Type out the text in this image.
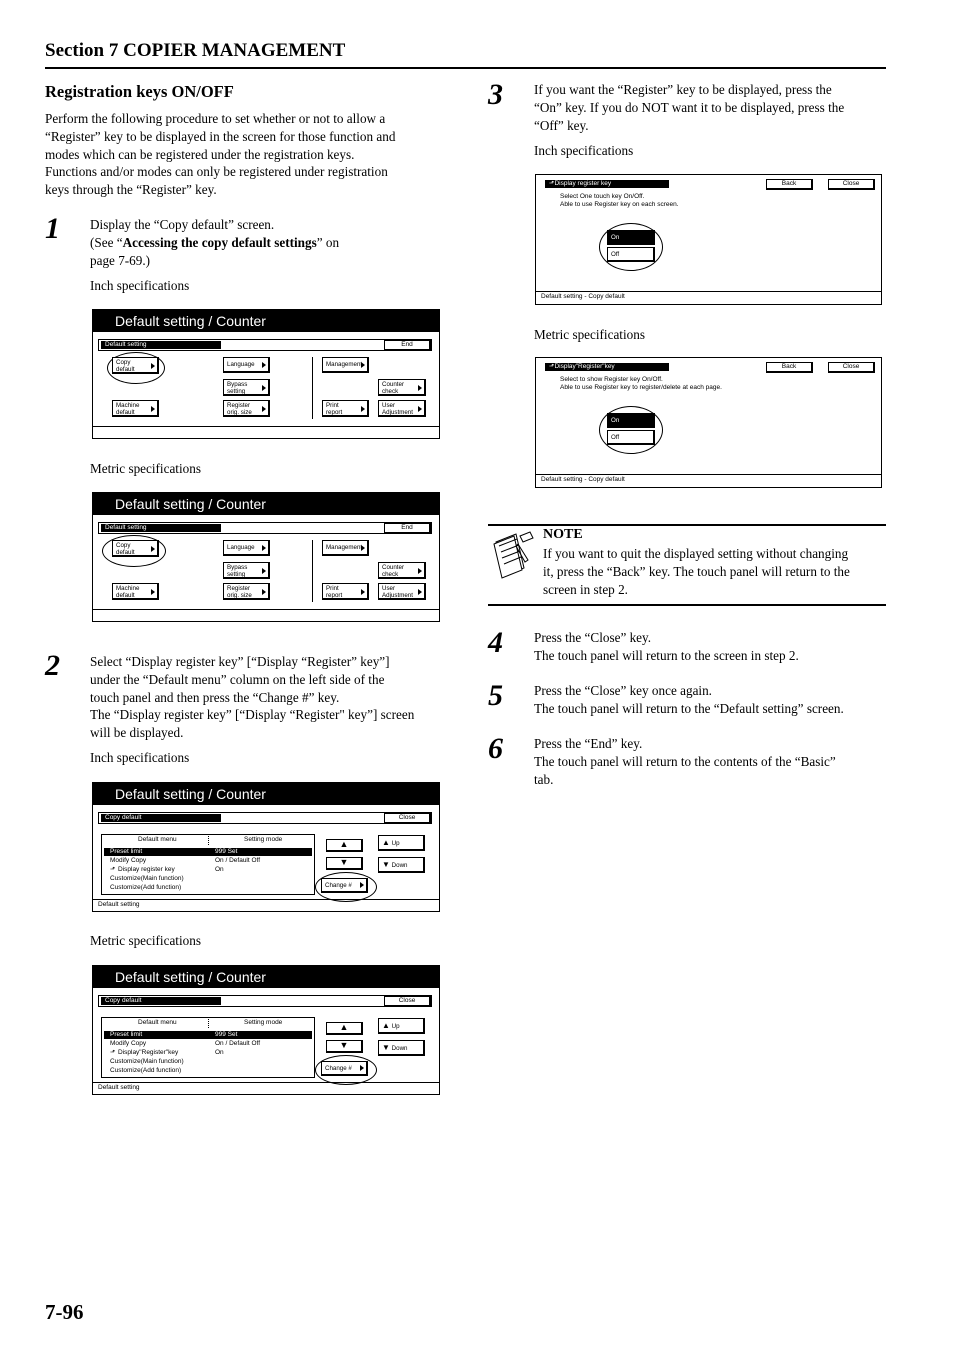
Section 7 COPIER MANAGEMENT
Registration keys ON/OFF
Perform the following procedure to set whether or not to allow a
“Register” key to be displayed in the screen for those function and
modes which can be registered under the registration keys.
Functions and/or modes can only be registered under registration
keys through the “Register” key.
1 Display the “Copy default” screen.
(See “Accessing the copy default settings” on
page 7-69.)
Inch specifications
Default setting / Counter
Default setting	End
Copy
default
Machine
default
Language
Bypass
setting
Register
orig. size
Management
Print
report
Counter
check
User
Adjustment
Metric specifications
Default setting / Counter
Default setting	End
Copy
default
Machine
default
Language
Bypass
setting
Register
orig. size
Management
Print
report
Counter
check
User
Adjustment
2 Select “Display register key” [“Display “Register” key”]
under the “Default menu” column on the left side of the
touch panel and then press the “Change #” key.
The “Display register key” [“Display “Register" key”] screen
will be displayed.
Inch specifications
Default setting / Counter
Copy default	Close
Default menu	Setting mode
Preset limit	999 Set
Modify Copy	On / Default Off
⬏ Display register key	On
Customize(Main function)
Customize(Add function)
▲
▼
Change #
▲ Up
▼ Down
Default setting
Metric specifications
Default setting / Counter
Copy default	Close
Default menu	Setting mode
Preset limit	999 Set
Modify Copy	On / Default Off
⬏ Display"Register"key	On
Customize(Main function)
Customize(Add function)
▲
▼
Change #
▲ Up
▼ Down
Default setting
3 If you want the “Register” key to be displayed, press the
“On” key. If you do NOT want it to be displayed, press the
“Off” key.
Inch specifications
⬏Display register key	Back	Close
Select One touch key On/Off.
Able to use Register key on each screen.
On
Off
Default setting - Copy default
Metric specifications
⬏Display"Register"key	Back	Close
Select to show Register key On/Off.
Able to use Register key to register/delete at each page.
On
Off
Default setting - Copy default
NOTE
If you want to quit the displayed setting without changing
it, press the “Back” key. The touch panel will return to the
screen in step 2.
4 Press the “Close” key.
The touch panel will return to the screen in step 2.
5 Press the “Close” key once again.
The touch panel will return to the “Default setting” screen.
6 Press the “End” key.
The touch panel will return to the contents of the “Basic”
tab.
7-96
